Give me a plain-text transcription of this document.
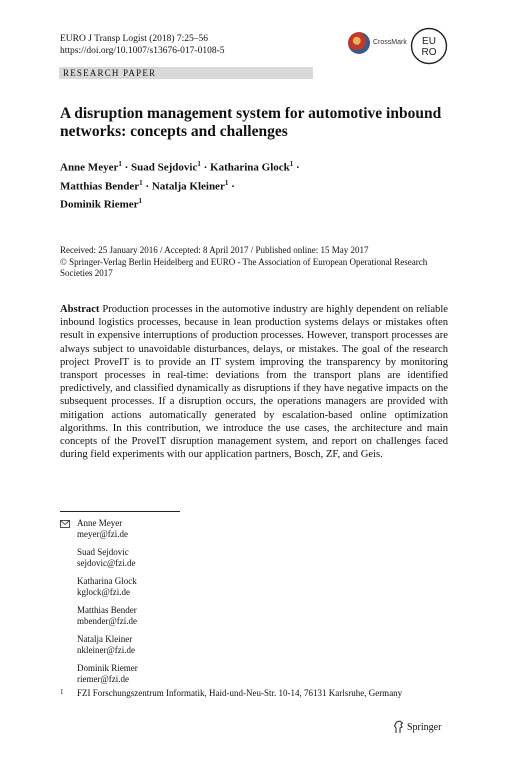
EURO J Transp Logist (2018) 7:25–56
https://doi.org/10.1007/s13676-017-0108-5
CrossMark EU
RO
RESEARCH PAPER
A disruption management system for automotive inbound networks: concepts and challenges
Anne Meyer$^1$ · Suad Sejdovic$^1$ · Katharina Glock$^1$ ·
Matthias Bender$^1$ · Natalja Kleiner$^1$ ·
Dominik Riemer$^1$

Received: 25 January 2016 / Accepted: 8 April 2017 / Published online: 15 May 2017

© Springer-Verlag Berlin Heidelberg and EURO - The Association of European Operational Research Societies 2017

Abstract Production processes in the automotive industry are highly dependent on reliable inbound logistics processes, because in lean production systems delays or mistakes often result in expensive interruptions of production processes. However, transport processes are always subject to unavoidable disturbances, delays, or mistakes. The goal of the research project ProveIT is to provide an IT system improving the transparency by monitoring transport processes in real-time: deviations from the transport plans are identified predictively, and classified dynamically as disruptions if they have negative impacts on the subsequent processes. If a disruption occurs, the operations managers are provided with mitigation actions automatically generated by escalation-based online optimization algorithms. In this contribution, we introduce the use cases, the architecture and main concepts of the ProveIT disruption management system, and report on challenges faced during field experiments with our application partners, Bosch, ZF, and Geis.
Anne Meyer
meyer@fzi.de
Suad Sejdovic
sejdovic@fzi.de
Katharina Glock
kglock@fzi.de
Matthias Bender
mbender@fzi.de
Natalja Kleiner
nkleiner@fzi.de
Dominik Riemer
riemer@fzi.de
1 FZI Forschungszentrum Informatik, Haid-und-Neu-Str. 10-14, 76131 Karlsruhe, Germany
Springer
